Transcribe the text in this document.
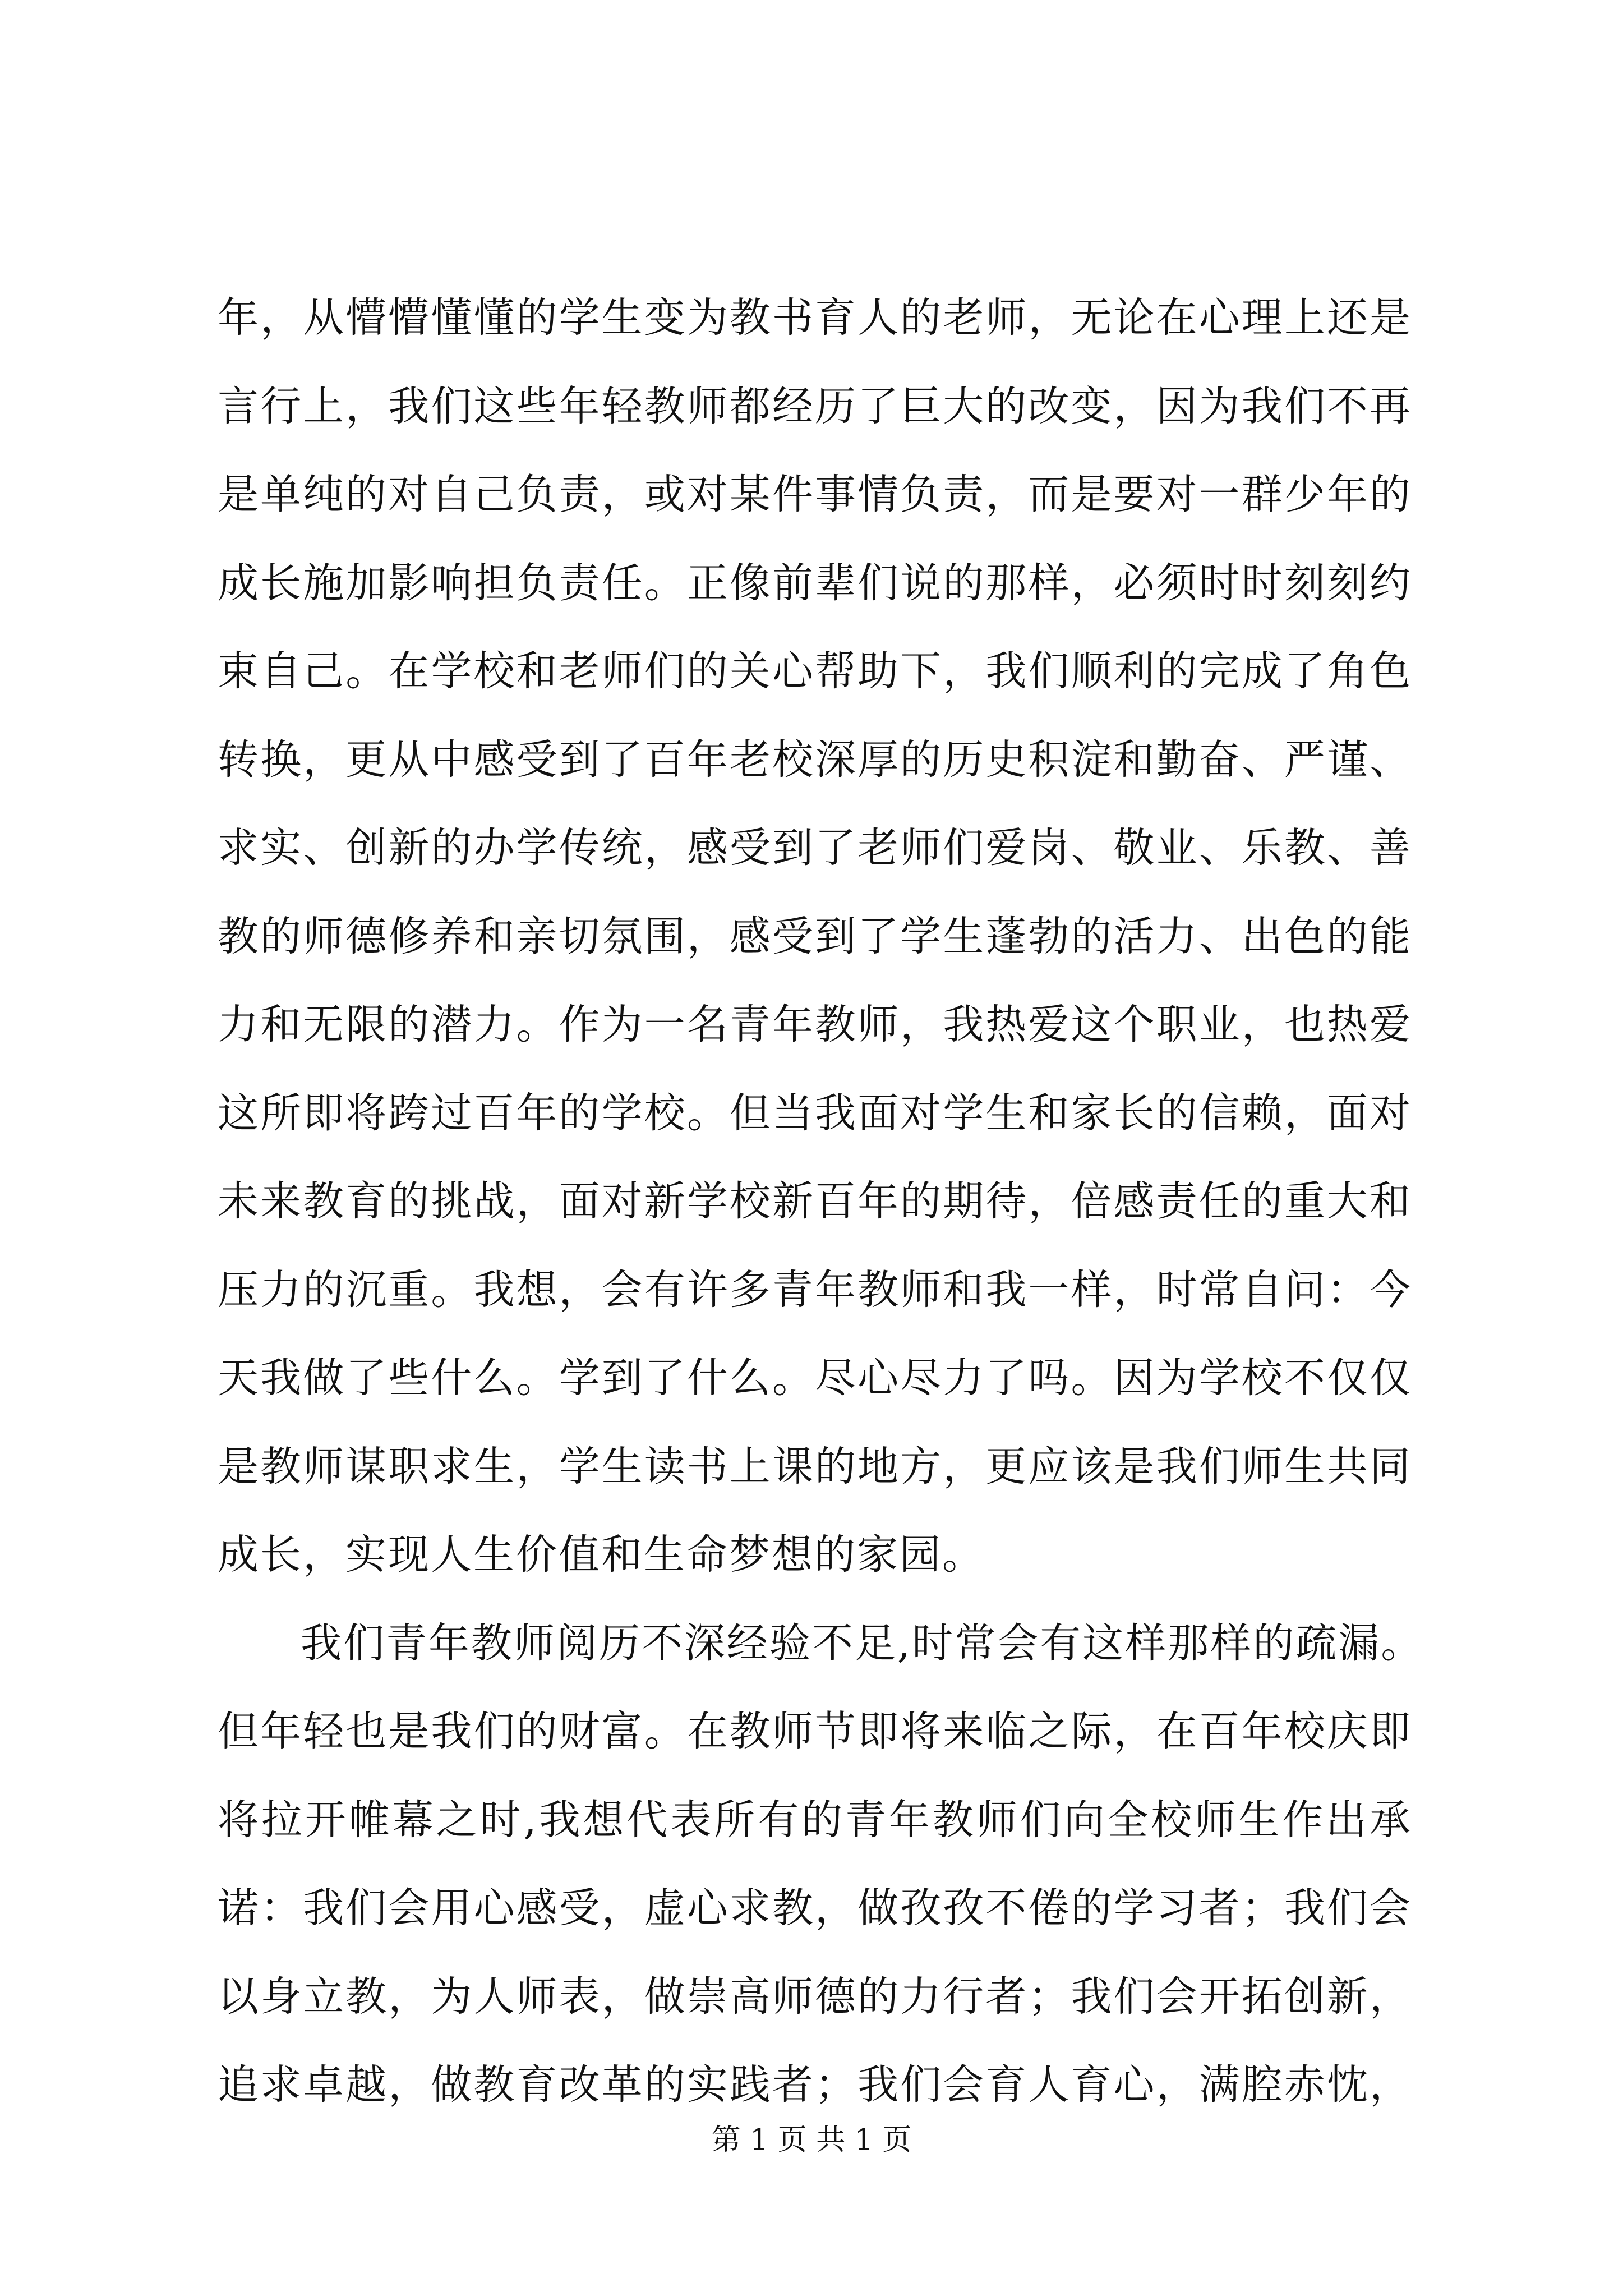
年，从懵懵懂懂的学生变为教书育人的老师，无论在心理上还是
言行上，我们这些年轻教师都经历了巨大的改变，因为我们不再
是单纯的对自己负责，或对某件事情负责，而是要对一群少年的
成长施加影响担负责任。正像前辈们说的那样，必须时时刻刻约
束自己。在学校和老师们的关心帮助下，我们顺利的完成了角色
转换，更从中感受到了百年老校深厚的历史积淀和勤奋、严谨、
求实、创新的办学传统，感受到了老师们爱岗、敬业、乐教、善
教的师德修养和亲切氛围，感受到了学生蓬勃的活力、出色的能
力和无限的潜力。作为一名青年教师，我热爱这个职业，也热爱
这所即将跨过百年的学校。但当我面对学生和家长的信赖，面对
未来教育的挑战，面对新学校新百年的期待，倍感责任的重大和
压力的沉重。我想，会有许多青年教师和我一样，时常自问：今
天我做了些什么。学到了什么。尽心尽力了吗。因为学校不仅仅
是教师谋职求生，学生读书上课的地方，更应该是我们师生共同
成长，实现人生价值和生命梦想的家园。
我们青年教师阅历不深经验不足,时常会有这样那样的疏漏。
但年轻也是我们的财富。在教师节即将来临之际，在百年校庆即
将拉开帷幕之时,我想代表所有的青年教师们向全校师生作出承
诺：我们会用心感受，虚心求教，做孜孜不倦的学习者；我们会
以身立教，为人师表，做崇高师德的力行者；我们会开拓创新，
追求卓越，做教育改革的实践者；我们会育人育心，满腔赤忱，
第 1 页 共 1 页
